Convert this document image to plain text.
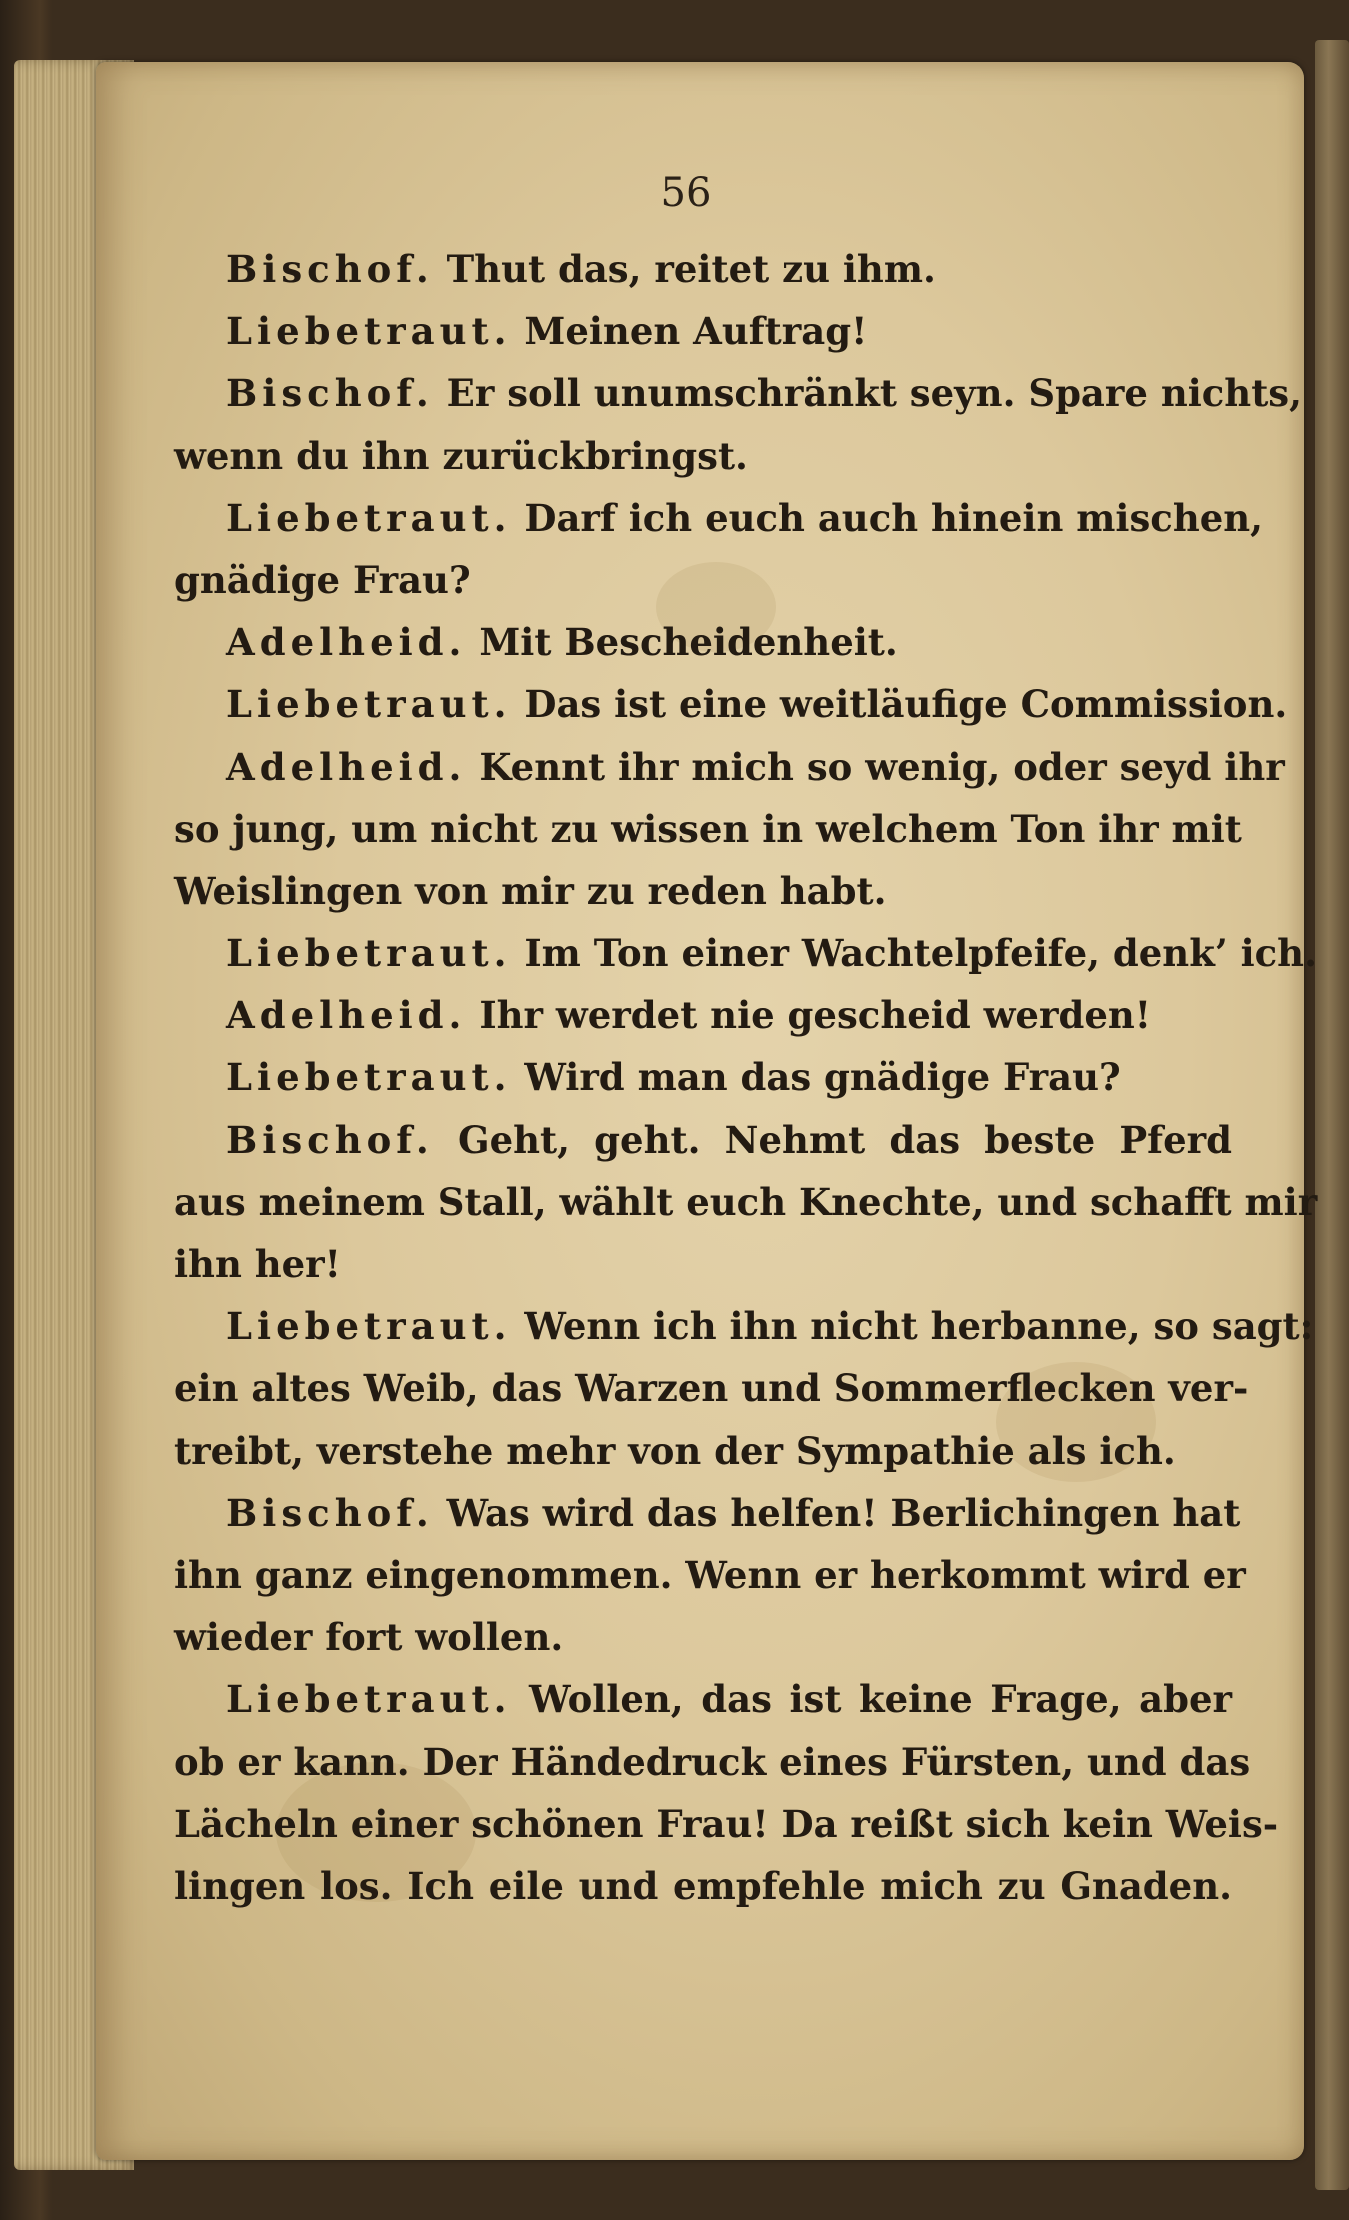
56
Bischof. Thut das, reitet zu ihm.
Liebetraut. Meinen Auftrag!
Bischof. Er soll unumschränkt seyn. Spare nichts,
wenn du ihn zurückbringst.
Liebetraut. Darf ich euch auch hinein mischen,
gnädige Frau?
Adelheid. Mit Bescheidenheit.
Liebetraut. Das ist eine weitläufige Commission.
Adelheid. Kennt ihr mich so wenig, oder seyd ihr
so jung, um nicht zu wissen in welchem Ton ihr mit
Weislingen von mir zu reden habt.
Liebetraut. Im Ton einer Wachtelpfeife, denk’ ich.
Adelheid. Ihr werdet nie gescheid werden!
Liebetraut. Wird man das gnädige Frau?
Bischof. Geht, geht. Nehmt das beste Pferd
aus meinem Stall, wählt euch Knechte, und schafft mir
ihn her!
Liebetraut. Wenn ich ihn nicht herbanne, so sagt:
ein altes Weib, das Warzen und Sommerflecken ver-
treibt, verstehe mehr von der Sympathie als ich.
Bischof. Was wird das helfen! Berlichingen hat
ihn ganz eingenommen. Wenn er herkommt wird er
wieder fort wollen.
Liebetraut. Wollen, das ist keine Frage, aber
ob er kann. Der Händedruck eines Fürsten, und das
Lächeln einer schönen Frau! Da reißt sich kein Weis-
lingen los. Ich eile und empfehle mich zu Gnaden.
